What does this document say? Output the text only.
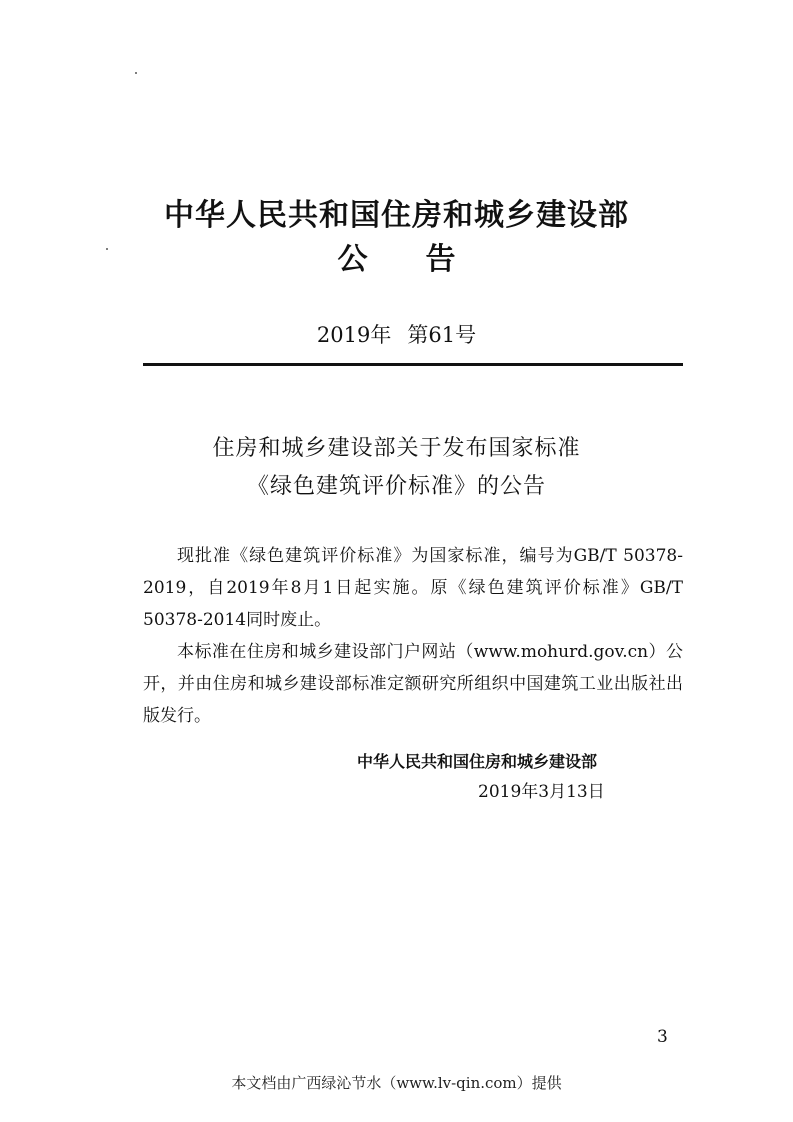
中华人民共和国住房和城乡建设部
公告
2019年 第61号
住房和城乡建设部关于发布国家标准
《绿色建筑评价标准》的公告

现批准《绿色建筑评价标准》为国家标准，编号为GB/T 50378-2019，自2019年8月1日起实施。原《绿色建筑评价标准》GB/T 50378-2014同时废止。

本标准在住房和城乡建设部门户网站（www.mohurd.gov.cn）公开，并由住房和城乡建设部标准定额研究所组织中国建筑工业出版社出版发行。

中华人民共和国住房和城乡建设部
2019年3月13日
3
本文档由广西绿沁节水（www.lv-qin.com）提供
